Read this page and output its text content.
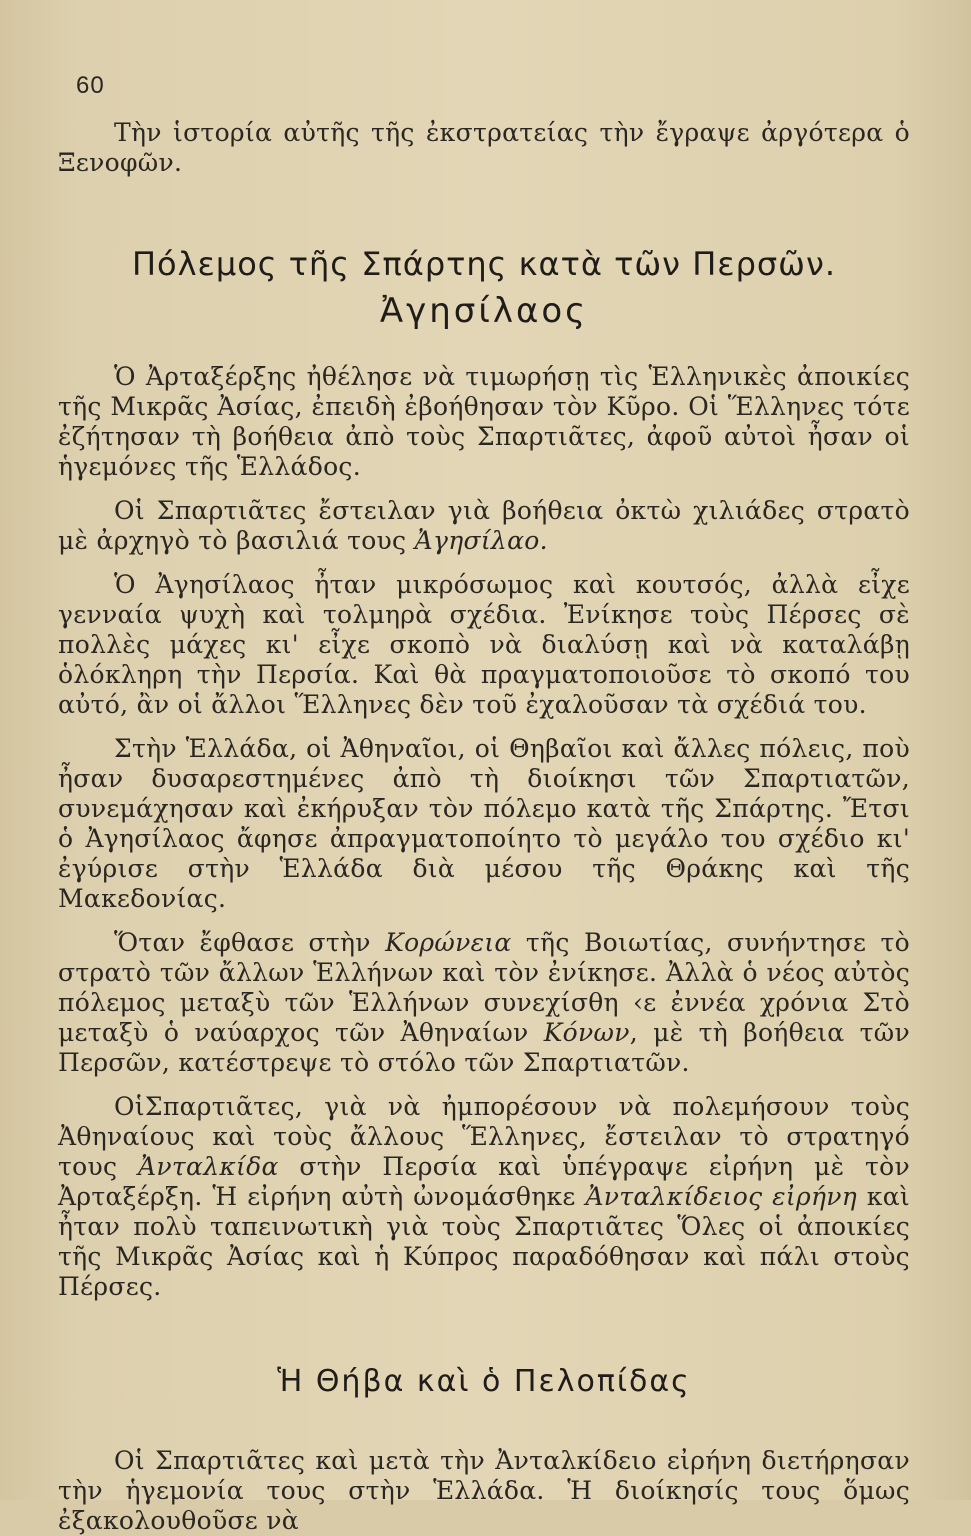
60

Τὴν ἱστορία αὐτῆς τῆς ἐκστρατείας τὴν ἔγραψε ἀργότερα ὁ Ξενοφῶν.

Πόλεμος τῆς Σπάρτης κατὰ τῶν Περσῶν.
Ἀγησίλαος

Ὁ Ἀρταξέρξης ἠθέλησε νὰ τιμωρήσῃ τὶς Ἑλληνικὲς ἀποικίες τῆς Μικρᾶς Ἀσίας, ἐπειδὴ ἐβοήθησαν τὸν Κῦρο. Οἱ Ἕλληνες τότε ἐζήτησαν τὴ βοήθεια ἀπὸ τοὺς Σπαρτιᾶτες, ἀφοῦ αὐτοὶ ἦσαν οἱ ἡγεμόνες τῆς Ἑλλάδος.

Οἱ Σπαρτιᾶτες ἔστειλαν γιὰ βοήθεια ὀκτὼ χιλιάδες στρατὸ μὲ ἀρχηγὸ τὸ βασιλιά τους Ἀγησίλαο.

Ὁ Ἀγησίλαος ἦταν μικρόσωμος καὶ κουτσός, ἀλλὰ εἶχε γενναία ψυχὴ καὶ τολμηρὰ σχέδια. Ἐνίκησε τοὺς Πέρσες σὲ πολλὲς μάχες κι' εἶχε σκοπὸ νὰ διαλύσῃ καὶ νὰ καταλάβῃ ὁλόκληρη τὴν Περσία. Καὶ θὰ πραγματοποιοῦσε τὸ σκοπό του αὐτό, ἂν οἱ ἄλλοι Ἕλληνες δὲν τοῦ ἐχαλοῦσαν τὰ σχέδιά του.

Στὴν Ἑλλάδα, οἱ Ἀθηναῖοι, οἱ Θηβαῖοι καὶ ἄλλες πόλεις, ποὺ ἦσαν δυσαρεστημένες ἀπὸ τὴ διοίκησι τῶν Σπαρτιατῶν, συνεμάχησαν καὶ ἐκήρυξαν τὸν πόλεμο κατὰ τῆς Σπάρτης. Ἔτσι ὁ Ἀγησίλαος ἄφησε ἀπραγματοποίητο τὸ μεγάλο του σχέδιο κι' ἐγύρισε στὴν Ἑλλάδα διὰ μέσου τῆς Θράκης καὶ τῆς Μακεδονίας.

Ὅταν ἔφθασε στὴν Κορώνεια τῆς Βοιωτίας, συνήντησε τὸ στρατὸ τῶν ἄλλων Ἑλλήνων καὶ τὸν ἐνίκησε. Ἀλλὰ ὁ νέος αὐτὸς πόλεμος μεταξὺ τῶν Ἑλλήνων συνεχίσθη ‹ε ἐννέα χρόνια Στὸ μεταξὺ ὁ ναύαρχος τῶν Ἀθηναίων Κόνων, μὲ τὴ βοήθεια τῶν Περσῶν, κατέστρεψε τὸ στόλο τῶν Σπαρτιατῶν.

ΟἱΣπαρτιᾶτες, γιὰ νὰ ἠμπορέσουν νὰ πολεμήσουν τοὺς Ἀθηναίους καὶ τοὺς ἄλλους Ἕλληνες, ἔστειλαν τὸ στρατηγό τους Ἀνταλκίδα στὴν Περσία καὶ ὑπέγραψε εἰρήνη μὲ τὸν Ἀρταξέρξη. Ἡ εἰρήνη αὐτὴ ὠνομάσθηκε Ἀνταλκίδειος εἰρήνη καὶ ἦταν πολὺ ταπεινωτικὴ γιὰ τοὺς Σπαρτιᾶτες Ὅλες οἱ ἀποικίες τῆς Μικρᾶς Ἀσίας καὶ ἡ Κύπρος παραδόθησαν καὶ πάλι στοὺς Πέρσες.

Ἡ Θήβα καὶ ὁ Πελοπίδας

Οἱ Σπαρτιᾶτες καὶ μετὰ τὴν Ἀνταλκίδειο εἰρήνη διετήρησαν τὴν ἡγεμονία τους στὴν Ἑλλάδα. Ἡ διοίκησίς τους ὅμως ἐξακολουθοῦσε νὰ
